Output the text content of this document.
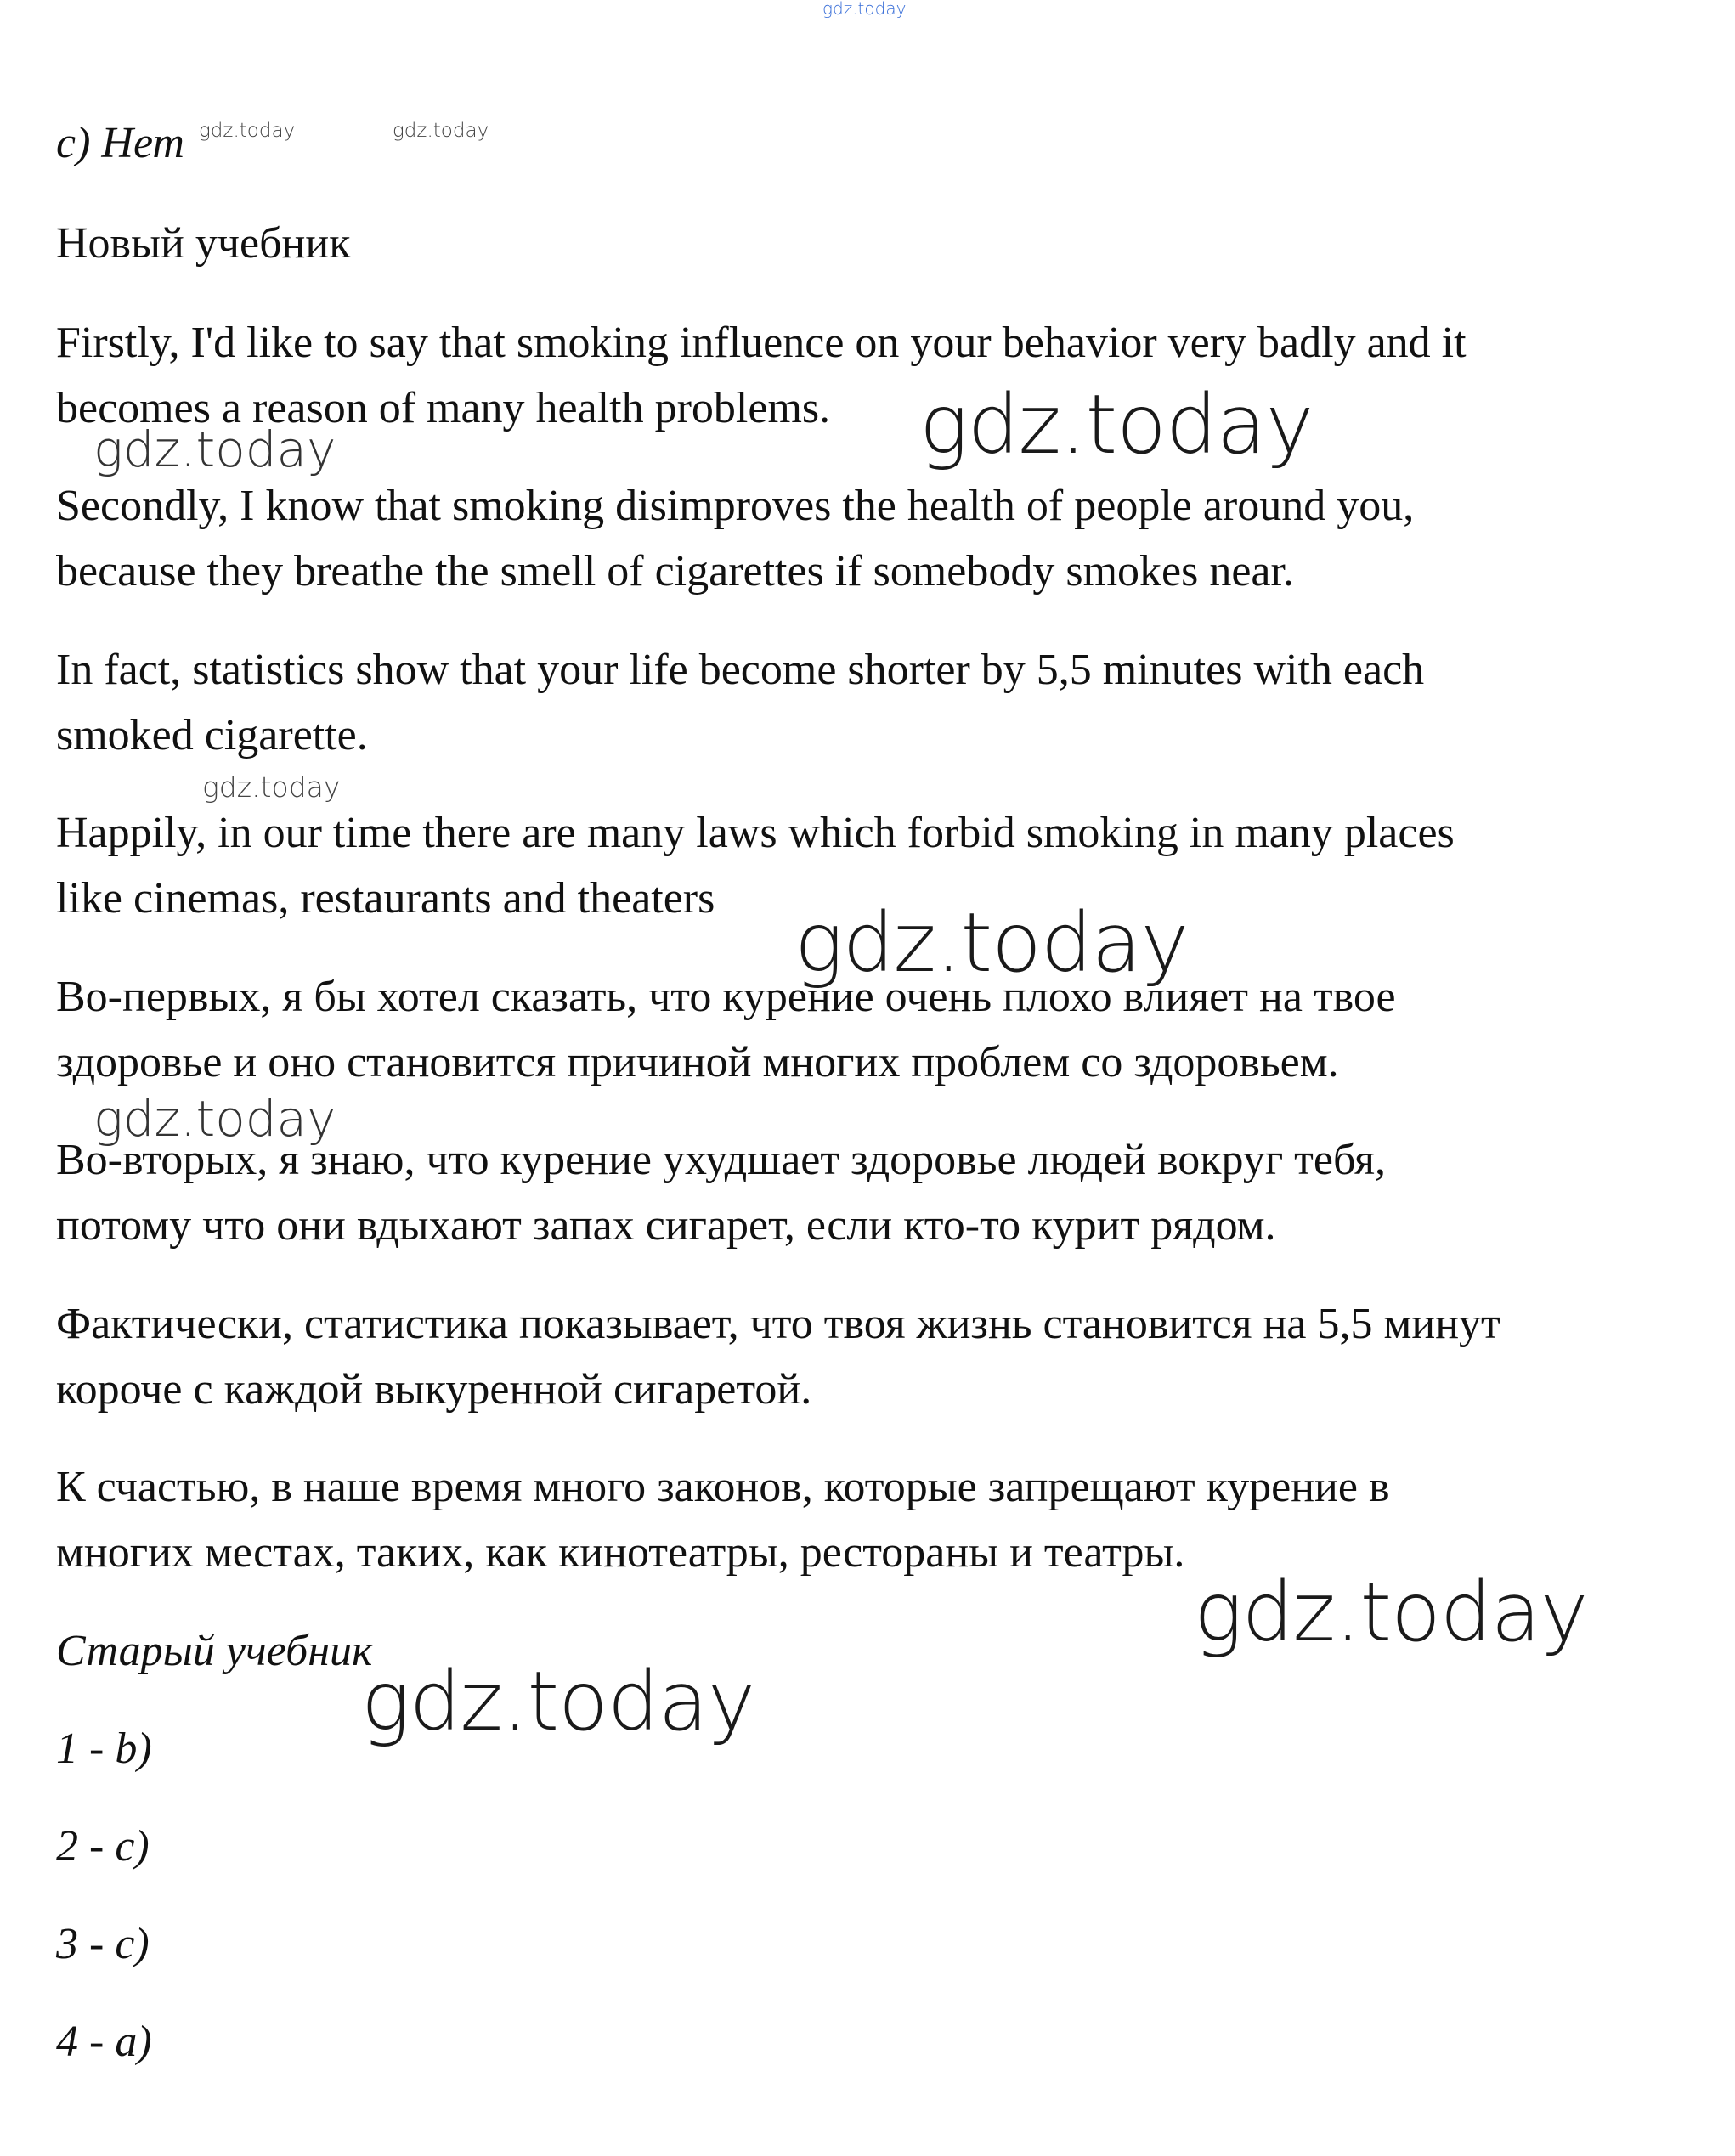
gdz.today
gdz.today	gdz.today
gdz.today	gdz.today
gdz.today
gdz.today
gdz.today
gdz.today
gdz.today

c) Нет

Новый учебник

Firstly, I'd like to say that smoking influence on your behavior very badly and it

becomes a reason of many health problems.

Secondly, I know that smoking disimproves the health of people around you,

because they breathe the smell of cigarettes if somebody smokes near.

In fact, statistics show that your life become shorter by 5,5 minutes with each

smoked cigarette.

Happily, in our time there are many laws which forbid smoking in many places

like cinemas, restaurants and theaters

Во-первых, я бы хотел сказать, что курение очень плохо влияет на твое

здоровье и оно становится причиной многих проблем со здоровьем.

Во-вторых, я знаю, что курение ухудшает здоровье людей вокруг тебя,

потому что они вдыхают запах сигарет, если кто-то курит рядом.

Фактически, статистика показывает, что твоя жизнь становится на 5,5 минут

короче с каждой выкуренной сигаретой.

К счастью, в наше время много законов, которые запрещают курение в

многих местах, таких, как кинотеатры, рестораны и театры.

Старый учебник

1 - b)

2 - c)

3 - c)

4 - a)
